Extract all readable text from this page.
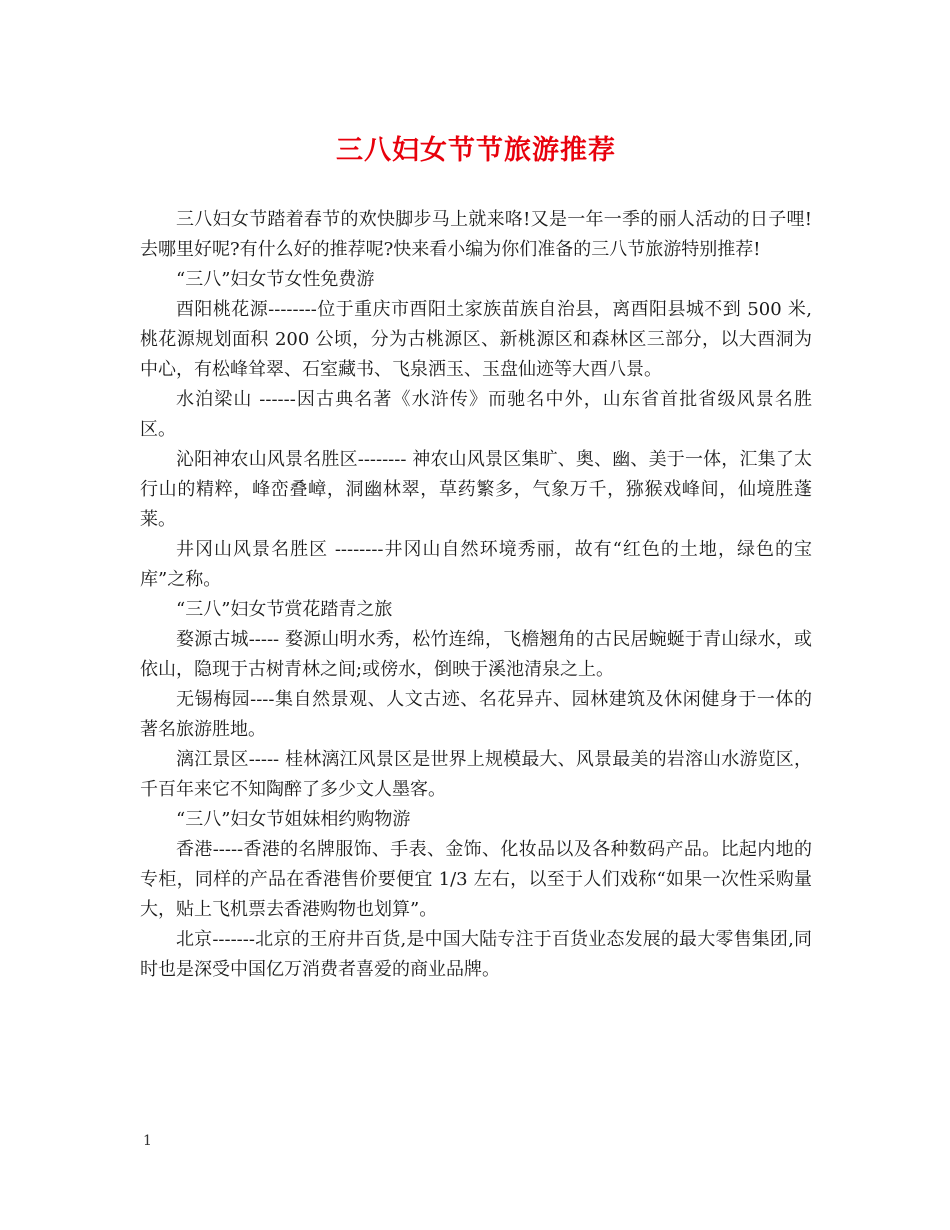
三八妇女节节旅游推荐

三八妇女节踏着春节的欢快脚步马上就来咯!又是一年一季的丽人活动的日子哩!去哪里好呢?有什么好的推荐呢?快来看小编为你们准备的三八节旅游特别推荐!

“三八”妇女节女性免费游

酉阳桃花源--------位于重庆市酉阳土家族苗族自治县，离酉阳县城不到 500 米, 桃花源规划面积 200 公顷，分为古桃源区、新桃源区和森林区三部分，以大酉洞为中心，有松峰耸翠、石室藏书、飞泉洒玉、玉盘仙迹等大酉八景。

水泊梁山 ------因古典名著《水浒传》而驰名中外，山东省首批省级风景名胜区。

沁阳神农山风景名胜区-------- 神农山风景区集旷、奥、幽、美于一体，汇集了太行山的精粹，峰峦叠嶂，洞幽林翠，草药繁多，气象万千，猕猴戏峰间，仙境胜蓬莱。

井冈山风景名胜区 --------井冈山自然环境秀丽，故有“红色的土地，绿色的宝库”之称。

“三八”妇女节赏花踏青之旅

婺源古城----- 婺源山明水秀，松竹连绵，飞檐翘角的古民居蜿蜒于青山绿水，或依山，隐现于古树青林之间;或傍水，倒映于溪池清泉之上。

无锡梅园----集自然景观、人文古迹、名花异卉、园林建筑及休闲健身于一体的著名旅游胜地。

漓江景区----- 桂林漓江风景区是世界上规模最大、风景最美的岩溶山水游览区，千百年来它不知陶醉了多少文人墨客。

“三八”妇女节姐妹相约购物游

香港-----香港的名牌服饰、手表、金饰、化妆品以及各种数码产品。比起内地的专柜，同样的产品在香港售价要便宜 1/3 左右，以至于人们戏称“如果一次性采购量大，贴上飞机票去香港购物也划算”。

北京-------北京的王府井百货,是中国大陆专注于百货业态发展的最大零售集团,同时也是深受中国亿万消费者喜爱的商业品牌。

1
